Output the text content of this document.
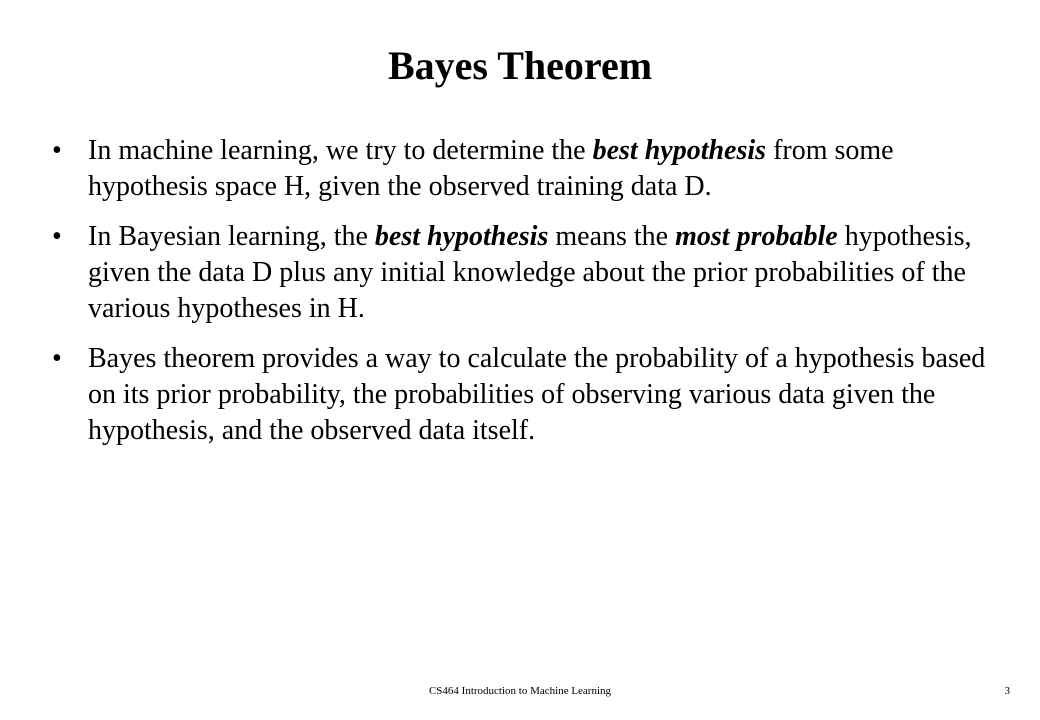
Bayes Theorem
• In machine learning, we try to determine the best hypothesis from some hypothesis space H, given the observed training data D.
• In Bayesian learning, the best hypothesis means the most probable hypothesis, given the data D plus any initial knowledge about the prior probabilities of the various hypotheses in H.
• Bayes theorem provides a way to calculate the probability of a hypothesis based on its prior probability, the probabilities of observing various data given the hypothesis, and the observed data itself.
CS464 Introduction to Machine Learning	3
